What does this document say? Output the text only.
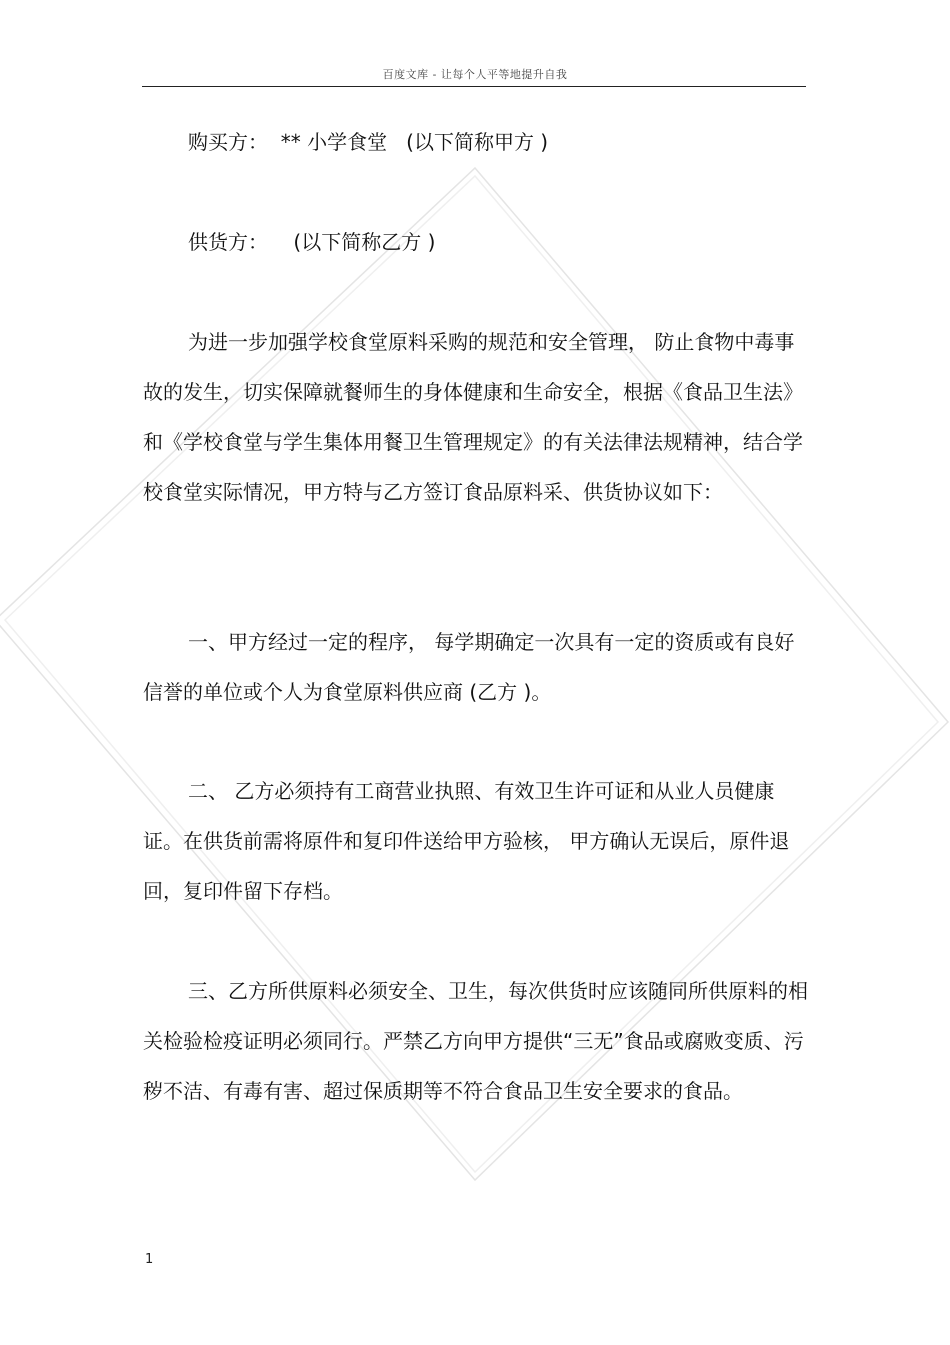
百度文库 - 让每个人平等地提升自我

购买方：  ** 小学食堂   (以下简称甲方 )

供货方：    (以下简称乙方 )

为进一步加强学校食堂原料采购的规范和安全管理， 防止食物中毒事故的发生，切实保障就餐师生的身体健康和生命安全，根据《食品卫生法》和《学校食堂与学生集体用餐卫生管理规定》的有关法律法规精神，结合学校食堂实际情况，甲方特与乙方签订食品原料采、供货协议如下：

一、甲方经过一定的程序， 每学期确定一次具有一定的资质或有良好信誉的单位或个人为食堂原料供应商 (乙方 )。

二、 乙方必须持有工商营业执照、有效卫生许可证和从业人员健康证。在供货前需将原件和复印件送给甲方验核， 甲方确认无误后，原件退回，复印件留下存档。

三、乙方所供原料必须安全、卫生，每次供货时应该随同所供原料的相关检验检疫证明必须同行。严禁乙方向甲方提供“三无”食品或腐败变质、污秽不洁、有毒有害、超过保质期等不符合食品卫生安全要求的食品。

1
